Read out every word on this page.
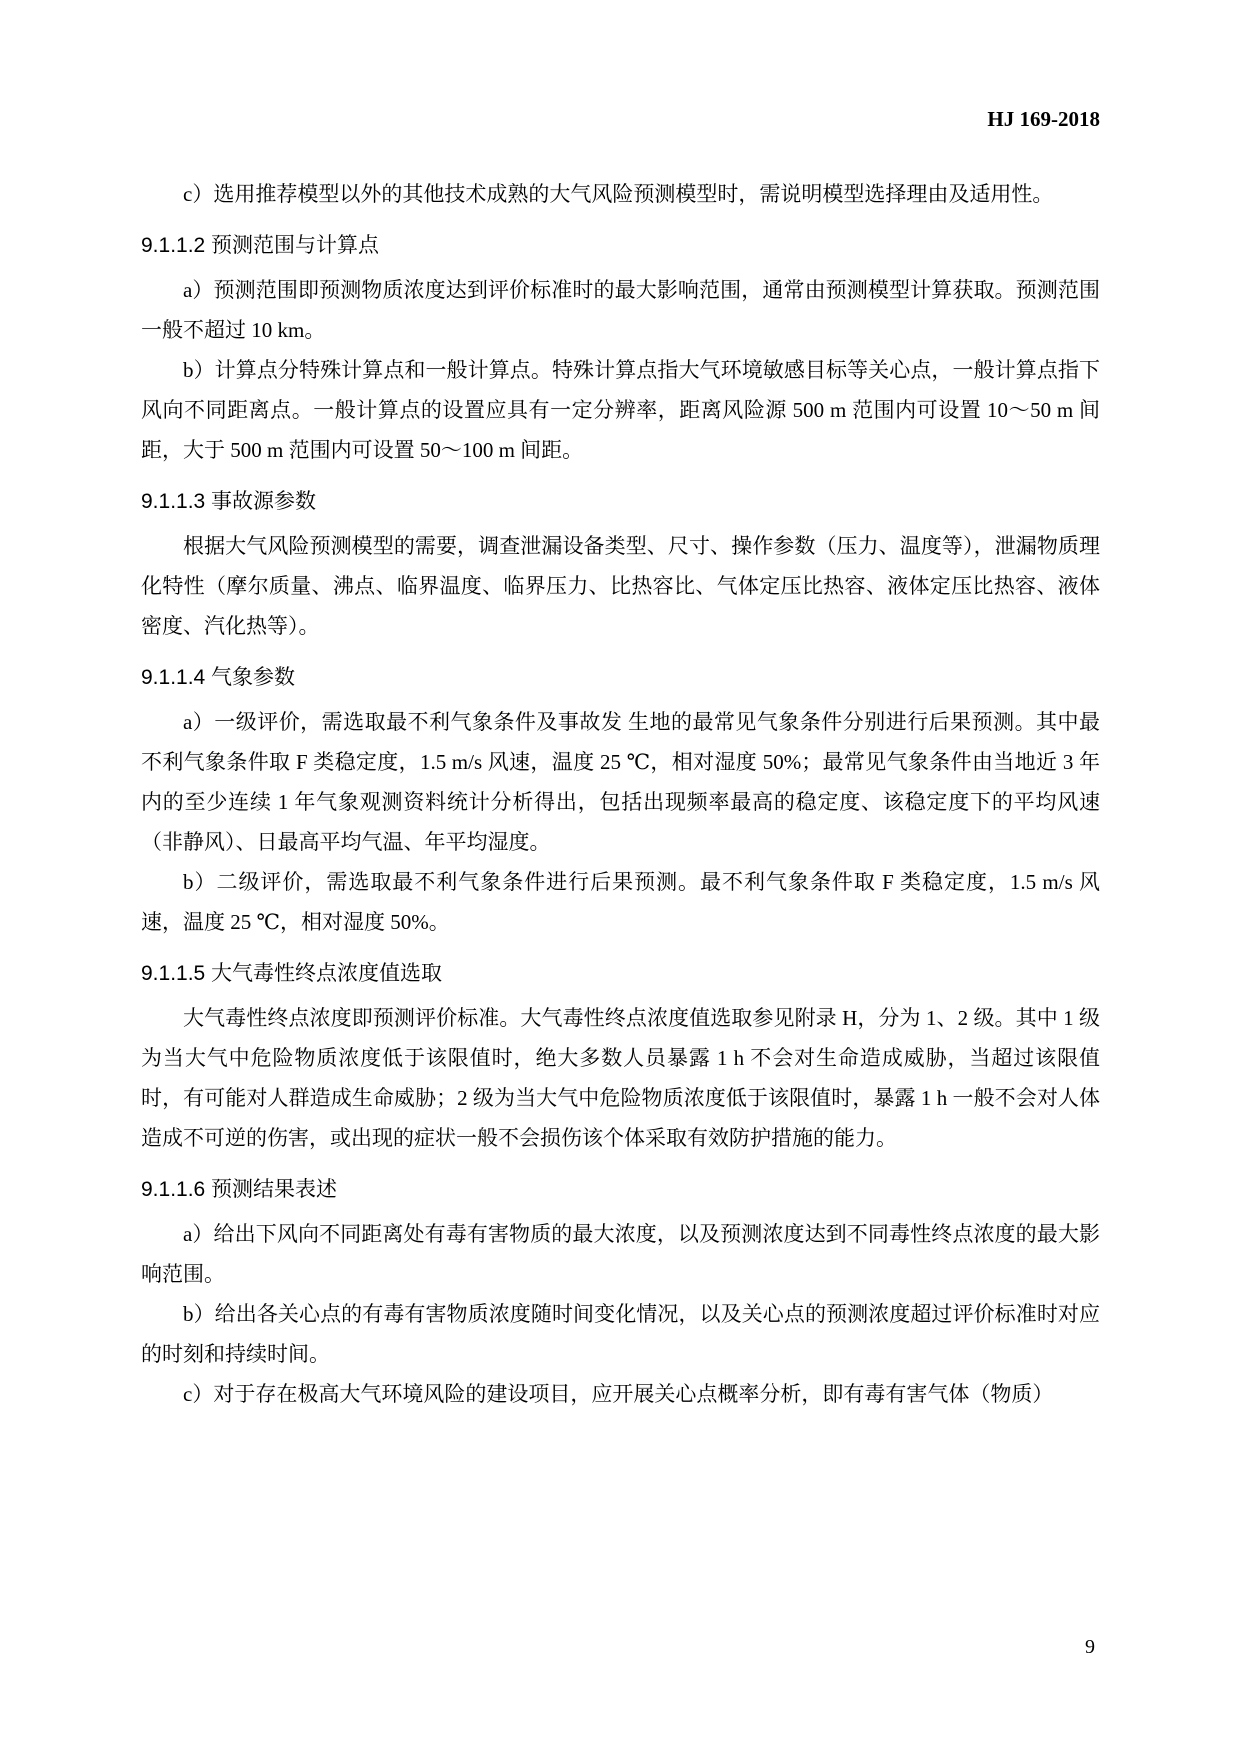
HJ 169-2018

c）选用推荐模型以外的其他技术成熟的大气风险预测模型时，需说明模型选择理由及适用性。

9.1.1.2 预测范围与计算点

a）预测范围即预测物质浓度达到评价标准时的最大影响范围，通常由预测模型计算获取。预测范围一般不超过 10 km。

b）计算点分特殊计算点和一般计算点。特殊计算点指大气环境敏感目标等关心点，一般计算点指下风向不同距离点。一般计算点的设置应具有一定分辨率，距离风险源 500 m 范围内可设置 10～50 m 间距，大于 500 m 范围内可设置 50～100 m 间距。

9.1.1.3 事故源参数

根据大气风险预测模型的需要，调查泄漏设备类型、尺寸、操作参数（压力、温度等），泄漏物质理化特性（摩尔质量、沸点、临界温度、临界压力、比热容比、气体定压比热容、液体定压比热容、液体密度、汽化热等）。

9.1.1.4 气象参数

a）一级评价，需选取最不利气象条件及事故发 生地的最常见气象条件分别进行后果预测。其中最不利气象条件取 F 类稳定度，1.5 m/s 风速，温度 25 ℃，相对湿度 50%；最常见气象条件由当地近 3 年内的至少连续 1 年气象观测资料统计分析得出，包括出现频率最高的稳定度、该稳定度下的平均风速（非静风）、日最高平均气温、年平均湿度。

b）二级评价，需选取最不利气象条件进行后果预测。最不利气象条件取 F 类稳定度，1.5 m/s 风速，温度 25 ℃，相对湿度 50%。

9.1.1.5 大气毒性终点浓度值选取

大气毒性终点浓度即预测评价标准。大气毒性终点浓度值选取参见附录 H，分为 1、2 级。其中 1 级为当大气中危险物质浓度低于该限值时，绝大多数人员暴露 1 h 不会对生命造成威胁，当超过该限值时，有可能对人群造成生命威胁；2 级为当大气中危险物质浓度低于该限值时，暴露 1 h 一般不会对人体造成不可逆的伤害，或出现的症状一般不会损伤该个体采取有效防护措施的能力。

9.1.1.6 预测结果表述

a）给出下风向不同距离处有毒有害物质的最大浓度，以及预测浓度达到不同毒性终点浓度的最大影响范围。

b）给出各关心点的有毒有害物质浓度随时间变化情况，以及关心点的预测浓度超过评价标准时对应的时刻和持续时间。

c）对于存在极高大气环境风险的建设项目，应开展关心点概率分析，即有毒有害气体（物质）

9
